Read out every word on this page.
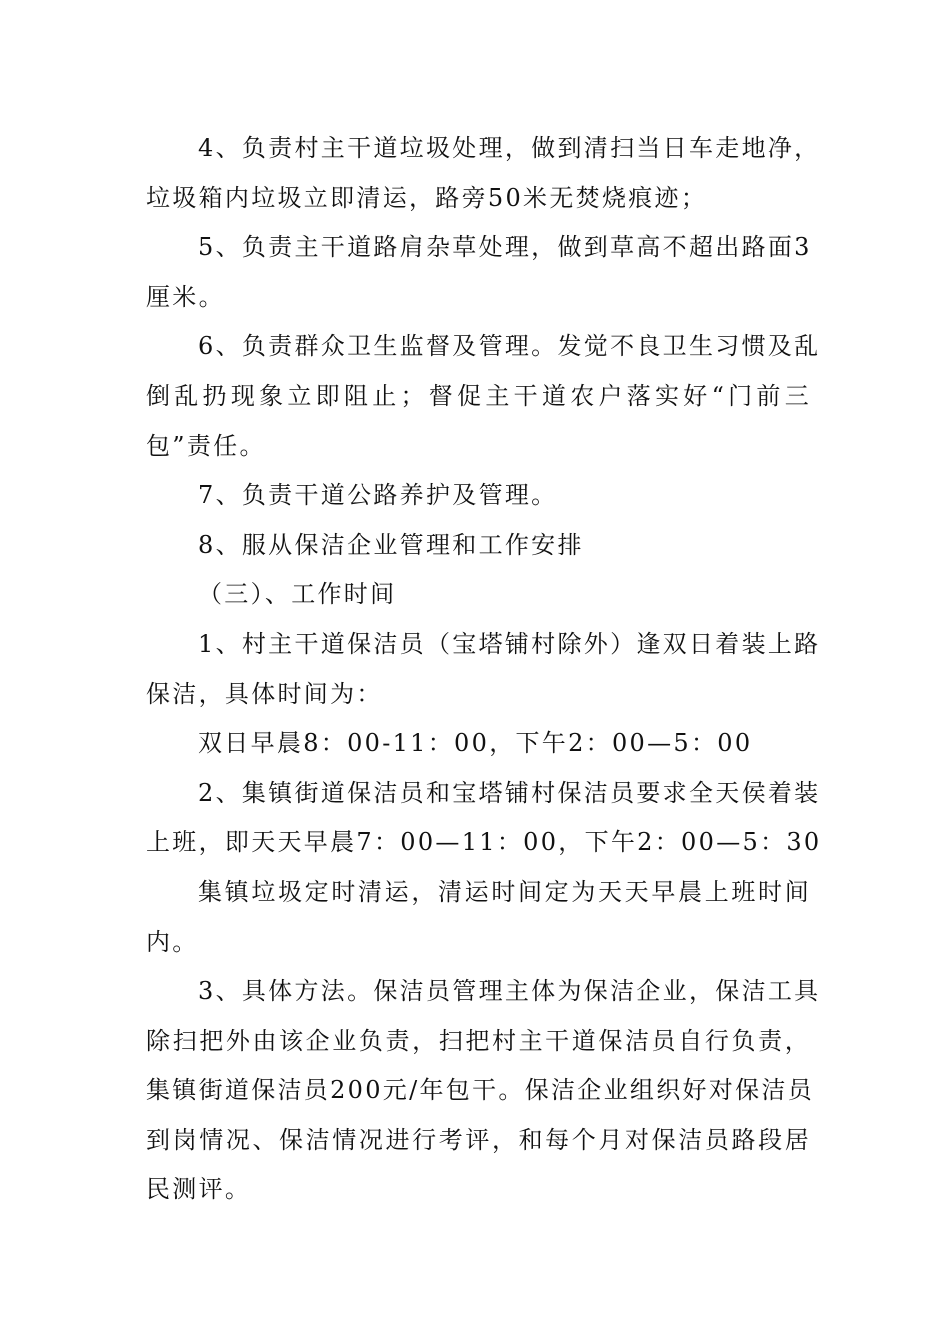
4、负责村主干道垃圾处理，做到清扫当日车走地净，
垃圾箱内垃圾立即清运，路旁50米无焚烧痕迹；
5、负责主干道路肩杂草处理，做到草高不超出路面3
厘米。
6、负责群众卫生监督及管理。发觉不良卫生习惯及乱
倒乱扔现象立即阻止；督促主干道农户落实好“门前三
包”责任。
7、负责干道公路养护及管理。
8、服从保洁企业管理和工作安排
（三）、工作时间
1、村主干道保洁员（宝塔铺村除外）逢双日着装上路
保洁，具体时间为：
双日早晨8：00-11：00，下午2：00—5：00
2、集镇街道保洁员和宝塔铺村保洁员要求全天侯着装
上班，即天天早晨7：00—11：00，下午2：00—5：30
集镇垃圾定时清运，清运时间定为天天早晨上班时间
内。
3、具体方法。保洁员管理主体为保洁企业，保洁工具
除扫把外由该企业负责，扫把村主干道保洁员自行负责，
集镇街道保洁员200元/年包干。保洁企业组织好对保洁员
到岗情况、保洁情况进行考评，和每个月对保洁员路段居
民测评。
